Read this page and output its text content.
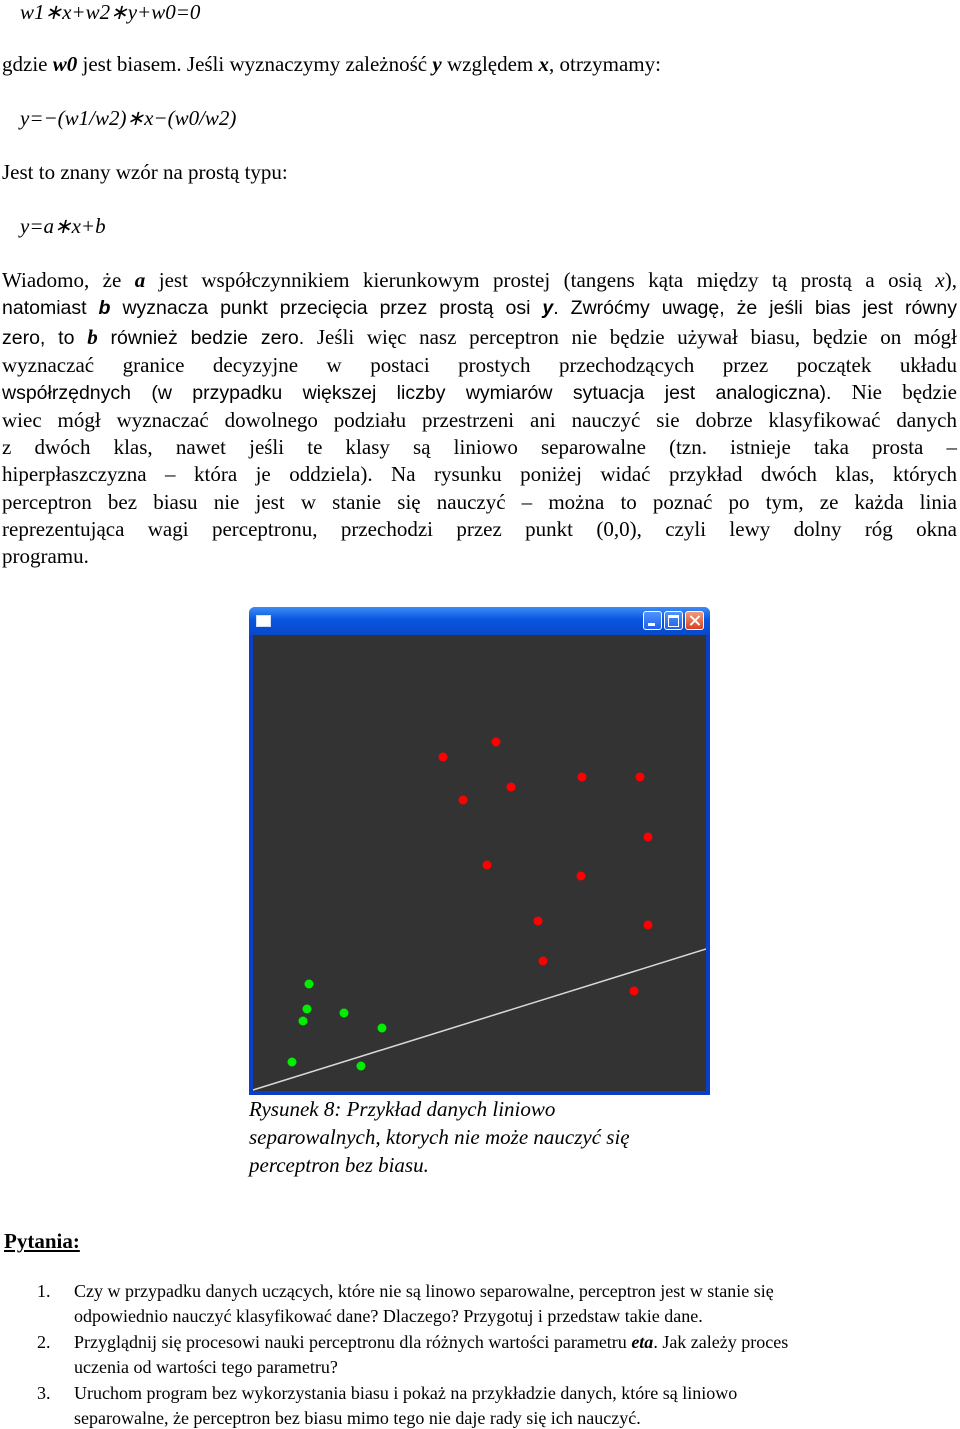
w1∗x+w2∗y+w0=0
gdzie w0 jest biasem. Jeśli wyznaczymy zależność y względem x, otrzymamy:
y=−(w1/w2)∗x−(w0/w2)
Jest to znany wzór na prostą typu:
y=a∗x+b
Wiadomo, że a jest współczynnikiem kierunkowym prostej (tangens kąta między tą prostą a osią x),
natomiast b wyznacza punkt przecięcia przez prostą osi y. Zwróćmy uwagę, że jeśli bias jest równy
zero, to b również bedzie zero. Jeśli więc nasz perceptron nie będzie używał biasu, będzie on mógł
wyznaczać granice decyzyjne w postaci prostych przechodzących przez początek układu
współrzędnych (w przypadku większej liczby wymiarów sytuacja jest analogiczna). Nie będzie
wiec mógł wyznaczać dowolnego podziału przestrzeni ani nauczyć sie dobrze klasyfikować danych
z dwóch klas, nawet jeśli te klasy są liniowo separowalne (tzn. istnieje taka prosta –
hiperpłaszczyzna – która je oddziela). Na rysunku poniżej widać przykład dwóch klas, których
perceptron bez biasu nie jest w stanie się nauczyć – można to poznać po tym, ze każda linia
reprezentująca wagi perceptronu, przechodzi przez punkt (0,0), czyli lewy dolny róg okna
programu.
Rysunek 8: Przykład danych liniowo
separowalnych, ktorych nie może nauczyć się
perceptron bez biasu.
Pytania:
1. Czy w przypadku danych uczących, które nie są linowo separowalne, perceptron jest w stanie się
odpowiednio nauczyć klasyfikować dane? Dlaczego? Przygotuj i przedstaw takie dane.
2. Przyglądnij się procesowi nauki perceptronu dla różnych wartości parametru eta. Jak zależy proces
uczenia od wartości tego parametru?
3. Uruchom program bez wykorzystania biasu i pokaż na przykładzie danych, które są liniowo
separowalne, że perceptron bez biasu mimo tego nie daje rady się ich nauczyć.
